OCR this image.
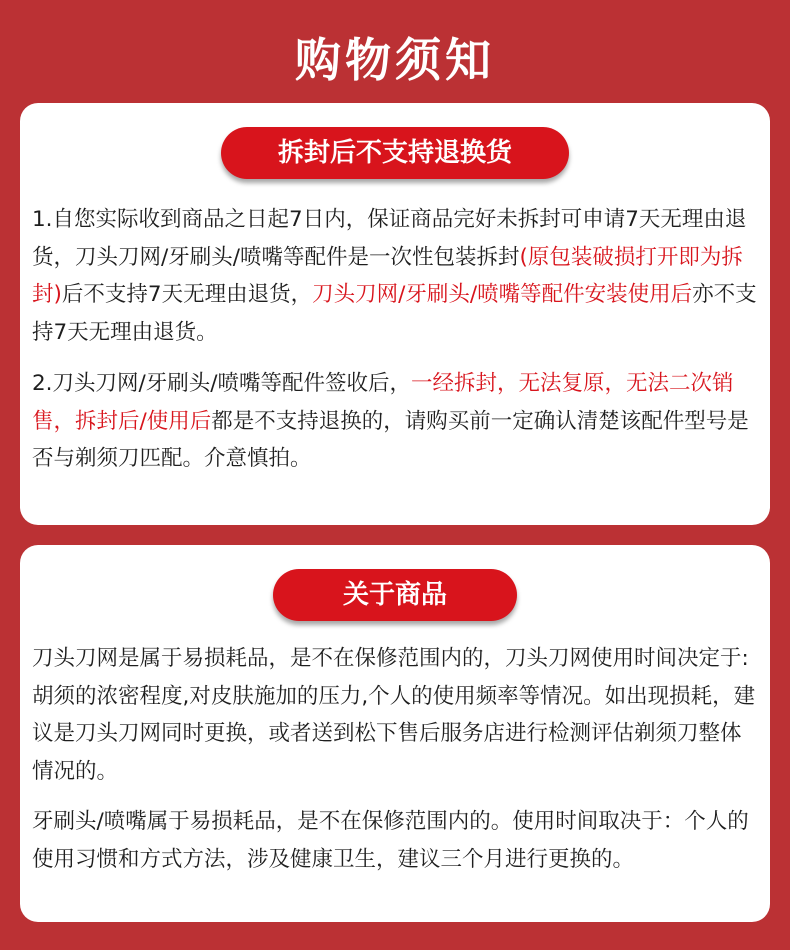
购物须知
拆封后不支持退换货
1.自您实际收到商品之日起7日内，保证商品完好未拆封可申请7天无理由退货，刀头刀网/牙刷头/喷嘴等配件是一次性包装拆封(原包装破损打开即为拆封)后不支持7天无理由退货，刀头刀网/牙刷头/喷嘴等配件安装使用后亦不支持7天无理由退货。
2.刀头刀网/牙刷头/喷嘴等配件签收后，一经拆封，无法复原，无法二次销售，拆封后/使用后都是不支持退换的，请购买前一定确认清楚该配件型号是否与剃须刀匹配。介意慎拍。
关于商品
刀头刀网是属于易损耗品，是不在保修范围内的，刀头刀网使用时间决定于:胡须的浓密程度,对皮肤施加的压力,个人的使用频率等情况。如出现损耗，建议是刀头刀网同时更换，或者送到松下售后服务店进行检测评估剃须刀整体情况的。
牙刷头/喷嘴属于易损耗品，是不在保修范围内的。使用时间取决于：个人的使用习惯和方式方法，涉及健康卫生，建议三个月进行更换的。
